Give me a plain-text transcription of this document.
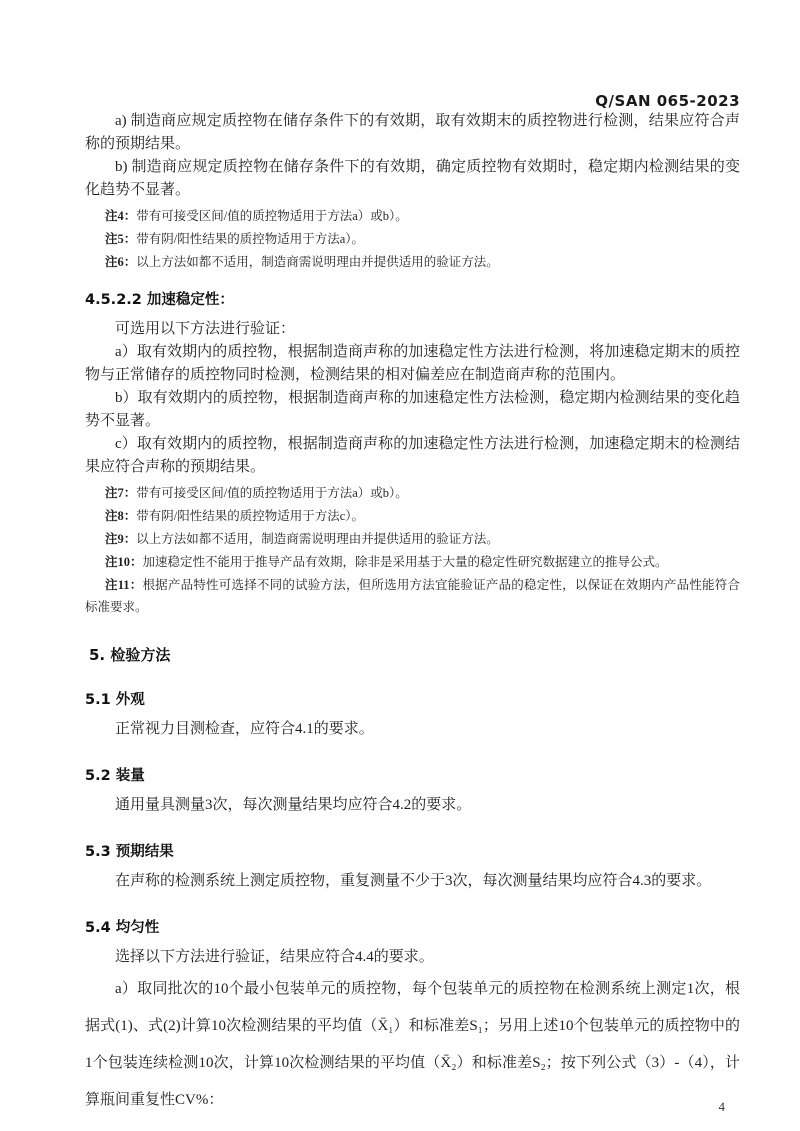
Q/SAN 065-2023

a) 制造商应规定质控物在储存条件下的有效期，取有效期末的质控物进行检测，结果应符合声称的预期结果。

b) 制造商应规定质控物在储存条件下的有效期，确定质控物有效期时，稳定期内检测结果的变化趋势不显著。

注4：带有可接受区间/值的质控物适用于方法a）或b）。

注5：带有阴/阳性结果的质控物适用于方法a）。

注6：以上方法如都不适用，制造商需说明理由并提供适用的验证方法。

4.5.2.2 加速稳定性：

可选用以下方法进行验证：

a）取有效期内的质控物，根据制造商声称的加速稳定性方法进行检测，将加速稳定期末的质控物与正常储存的质控物同时检测，检测结果的相对偏差应在制造商声称的范围内。

b）取有效期内的质控物，根据制造商声称的加速稳定性方法检测，稳定期内检测结果的变化趋势不显著。

c）取有效期内的质控物，根据制造商声称的加速稳定性方法进行检测，加速稳定期末的检测结果应符合声称的预期结果。

注7：带有可接受区间/值的质控物适用于方法a）或b）。

注8：带有阴/阳性结果的质控物适用于方法c）。

注9：以上方法如都不适用，制造商需说明理由并提供适用的验证方法。

注10：加速稳定性不能用于推导产品有效期，除非是采用基于大量的稳定性研究数据建立的推导公式。

注11：根据产品特性可选择不同的试验方法，但所选用方法宜能验证产品的稳定性，以保证在效期内产品性能符合标准要求。

5. 检验方法
5.1 外观

正常视力目测检查，应符合4.1的要求。

5.2 装量

通用量具测量3次，每次测量结果均应符合4.2的要求。

5.3 预期结果

在声称的检测系统上测定质控物，重复测量不少于3次，每次测量结果均应符合4.3的要求。

5.4 均匀性

选择以下方法进行验证，结果应符合4.4的要求。

a）取同批次的10个最小包装单元的质控物，每个包装单元的质控物在检测系统上测定1次，根据式(1)、式(2)计算10次检测结果的平均值（X̄₁）和标准差S₁；另用上述10个包装单元的质控物中的1个包装连续检测10次，计算10次检测结果的平均值（X̄₂）和标准差S₂；按下列公式（3）-（4），计算瓶间重复性CV%：	4
